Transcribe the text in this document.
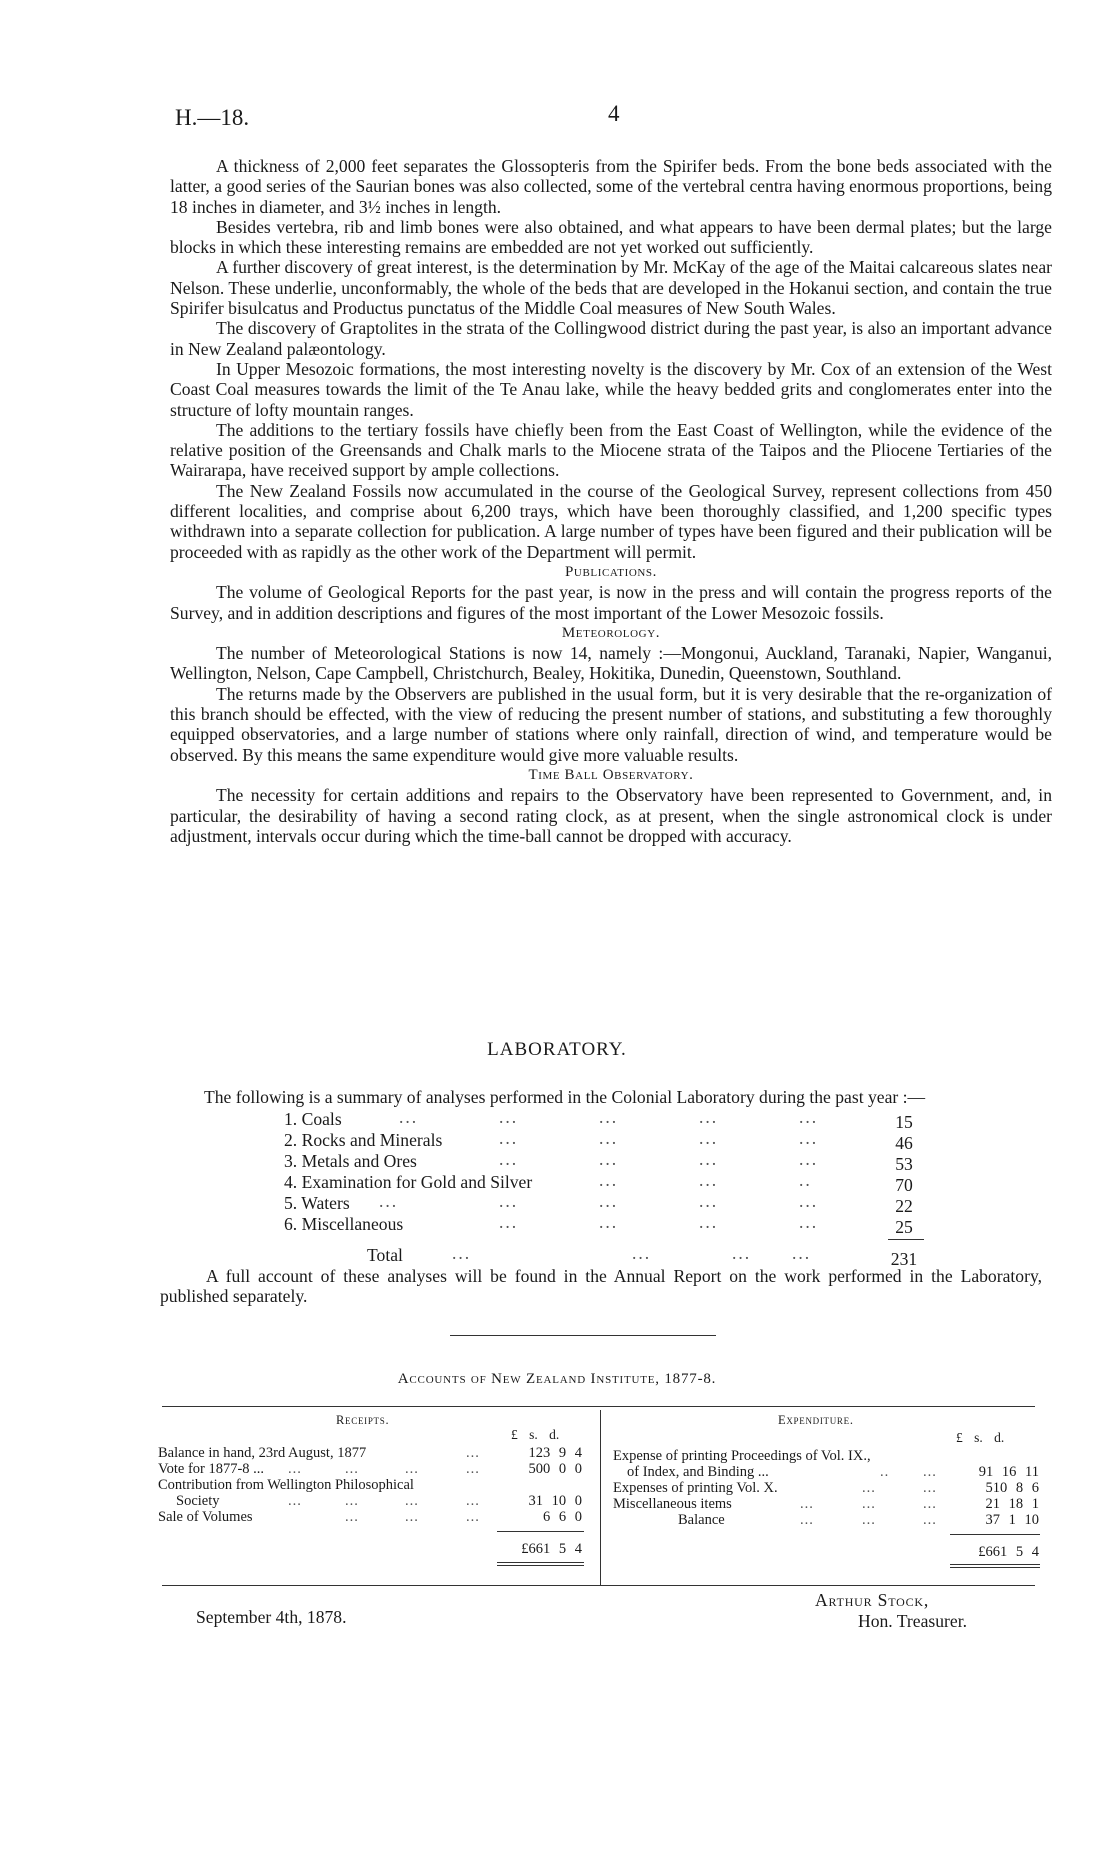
H.—18.	4

A thickness of 2,000 feet separates the Glossopteris from the Spirifer beds. From the bone beds associated with the latter, a good series of the Saurian bones was also collected, some of the vertebral centra having enormous proportions, being 18 inches in diameter, and 3½ inches in length.

Besides vertebra, rib and limb bones were also obtained, and what appears to have been dermal plates; but the large blocks in which these interesting remains are embedded are not yet worked out sufficiently.

A further discovery of great interest, is the determination by Mr. McKay of the age of the Maitai calcareous slates near Nelson. These underlie, unconformably, the whole of the beds that are developed in the Hokanui section, and contain the true Spirifer bisulcatus and Productus punctatus of the Middle Coal measures of New South Wales.

The discovery of Graptolites in the strata of the Collingwood district during the past year, is also an important advance in New Zealand palæontology.

In Upper Mesozoic formations, the most interesting novelty is the discovery by Mr. Cox of an extension of the West Coast Coal measures towards the limit of the Te Anau lake, while the heavy bedded grits and conglomerates enter into the structure of lofty mountain ranges.

The additions to the tertiary fossils have chiefly been from the East Coast of Wellington, while the evidence of the relative position of the Greensands and Chalk marls to the Miocene strata of the Taipos and the Pliocene Tertiaries of the Wairarapa, have received support by ample collections.

The New Zealand Fossils now accumulated in the course of the Geological Survey, represent collections from 450 different localities, and comprise about 6,200 trays, which have been thoroughly classified, and 1,200 specific types withdrawn into a separate collection for publication. A large number of types have been figured and their publication will be proceeded with as rapidly as the other work of the Department will permit.

Publications.

The volume of Geological Reports for the past year, is now in the press and will contain the progress reports of the Survey, and in addition descriptions and figures of the most important of the Lower Mesozoic fossils.

Meteorology.

The number of Meteorological Stations is now 14, namely :—Mongonui, Auckland, Taranaki, Napier, Wanganui, Wellington, Nelson, Cape Campbell, Christchurch, Bealey, Hokitika, Dunedin, Queenstown, Southland.

The returns made by the Observers are published in the usual form, but it is very desirable that the re-organization of this branch should be effected, with the view of reducing the present number of stations, and substituting a few thoroughly equipped observatories, and a large number of stations where only rainfall, direction of wind, and temperature would be observed. By this means the same expenditure would give more valuable results.

Time Ball Observatory.

The necessity for certain additions and repairs to the Observatory have been represented to Government, and, in particular, the desirability of having a second rating clock, as at present, when the single astronomical clock is under adjustment, intervals occur during which the time-ball cannot be dropped with accuracy.

LABORATORY.
The following is a summary of analyses performed in the Colonial Laboratory during the past year :—
1. Coals	...	...	...	...	...	15
2. Rocks and Minerals	...	...	...	...	46
3. Metals and Ores	...	...	...	...	53
4. Examination for Gold and Silver	...	...	..	70
5. Waters ...	...	...	...	...	22
6. Miscellaneous	...	...	...	...	25
Total	...	...	... ...	231
A full account of these analyses will be found in the Annual Report on the work performed in the Laboratory, published separately.
Accounts of New Zealand Institute, 1877-8.
Receipts.
£ s. d.
Balance in hand, 23rd August, 1877	...	123 9 4
Vote for 1877-8 ... ...	...	...	...	500 0 0
Contribution from Wellington Philosophical
Society	...	...	...	...	31 10 0
Sale of Volumes	...	...	...	6 6 0
£661 5 4
Expenditure.
£ s. d.
Expense of printing Proceedings of Vol. IX.,
of Index, and Binding ...	.. ...	91 16 11
Expenses of printing Vol. X.	...	...	510 8 6
Miscellaneous items	...	...	...	21 18 1
Balance	...	...	...	37 1 10
£661 5 4
September 4th, 1878.
Arthur Stock,
Hon. Treasurer.
